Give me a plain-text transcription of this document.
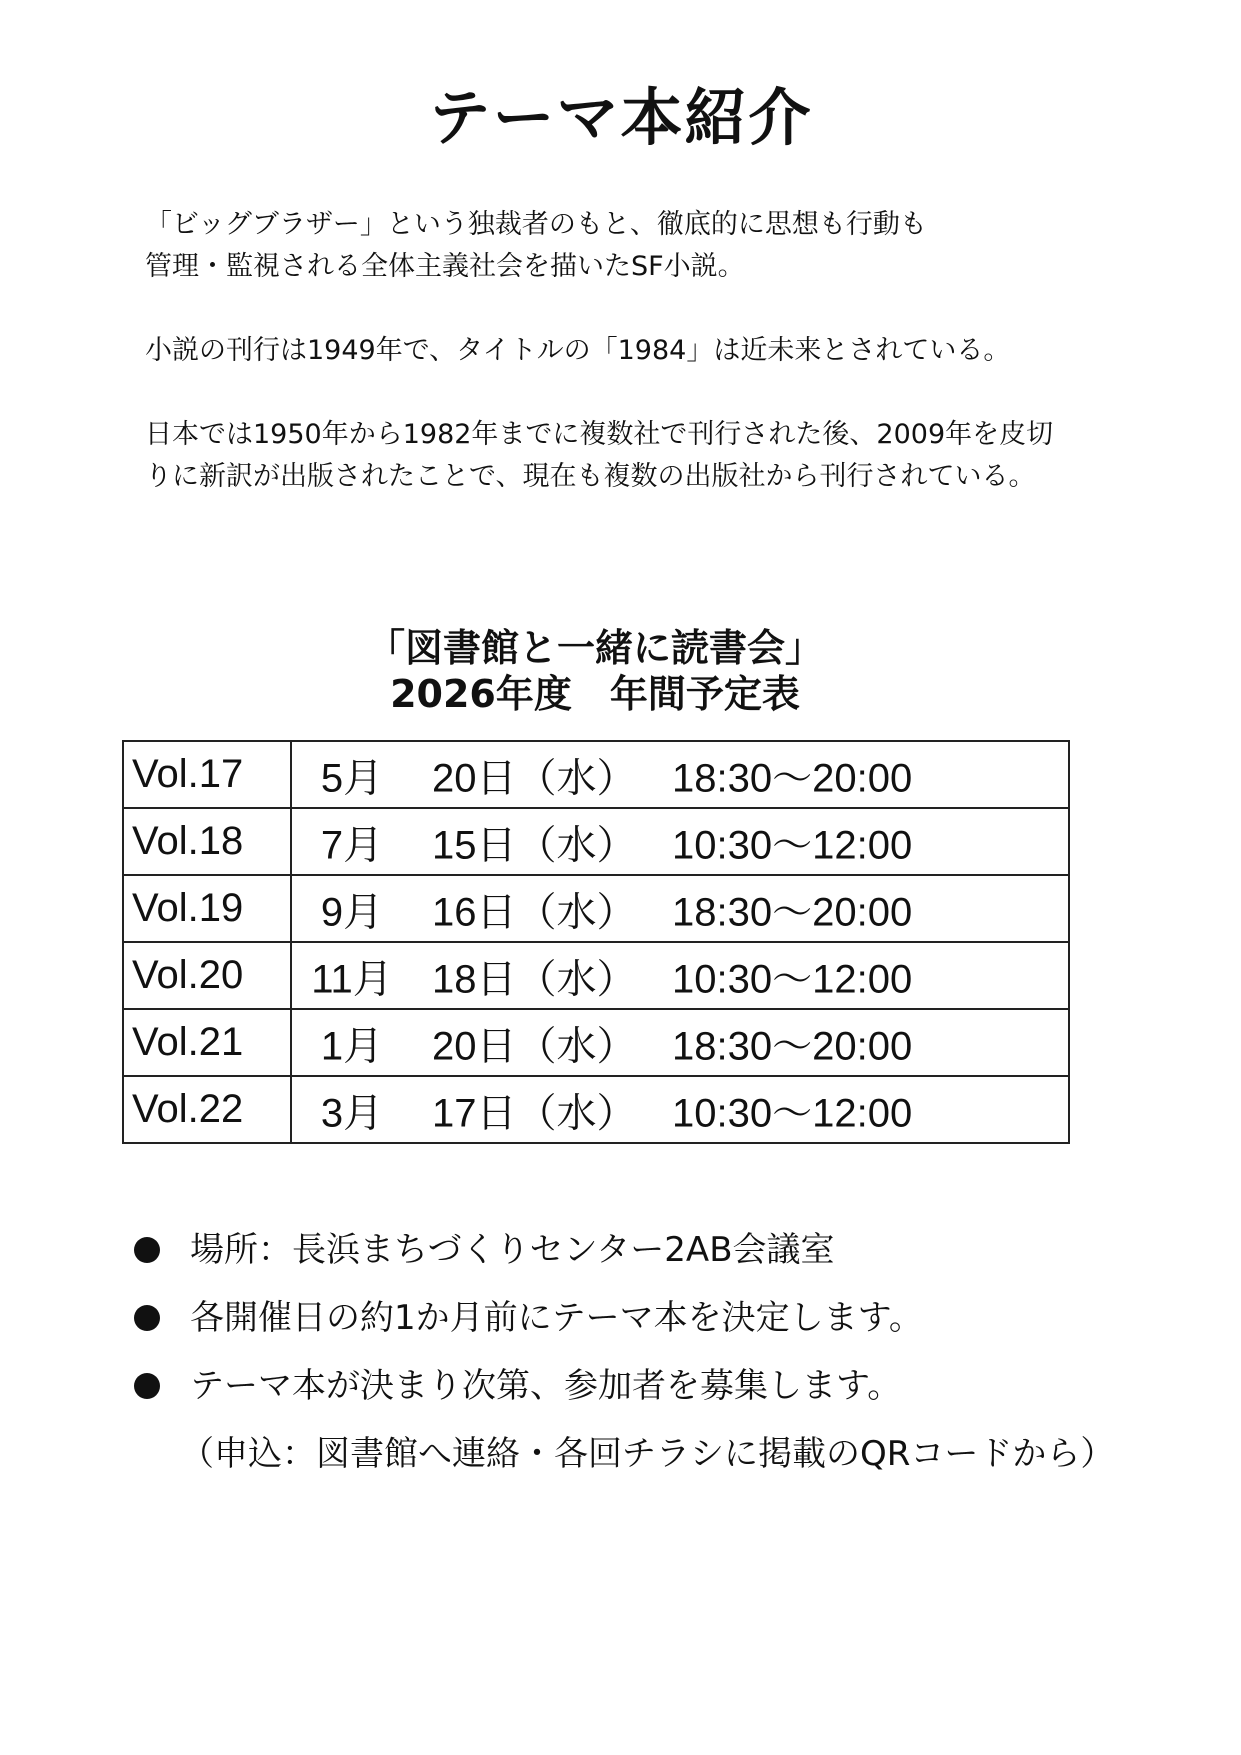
テーマ本紹介

「ビッグブラザー」という独裁者のもと、徹底的に思想も行動も
管理・監視される全体主義社会を描いたSF小説。

小説の刊行は1949年で、タイトルの「1984」は近未来とされている。

日本では1950年から1982年までに複数社で刊行された後、2009年を皮切
りに新訳が出版されたことで、現在も複数の出版社から刊行されている。

「図書館と一緒に読書会」
2026年度　年間予定表
Vol.17	5月 20日（水） 18:30～20:00

Vol.18	7月 15日（水） 10:30～12:00

Vol.19	9月 16日（水） 18:30～20:00

Vol.20	11月 18日（水） 10:30～12:00

Vol.21	1月 20日（水） 18:30～20:00

Vol.22	3月 17日（水） 10:30～12:00
場所：長浜まちづくりセンター2AB会議室
各開催日の約1か月前にテーマ本を決定します。
テーマ本が決まり次第、参加者を募集します。
（申込：図書館へ連絡・各回チラシに掲載のQRコードから）
